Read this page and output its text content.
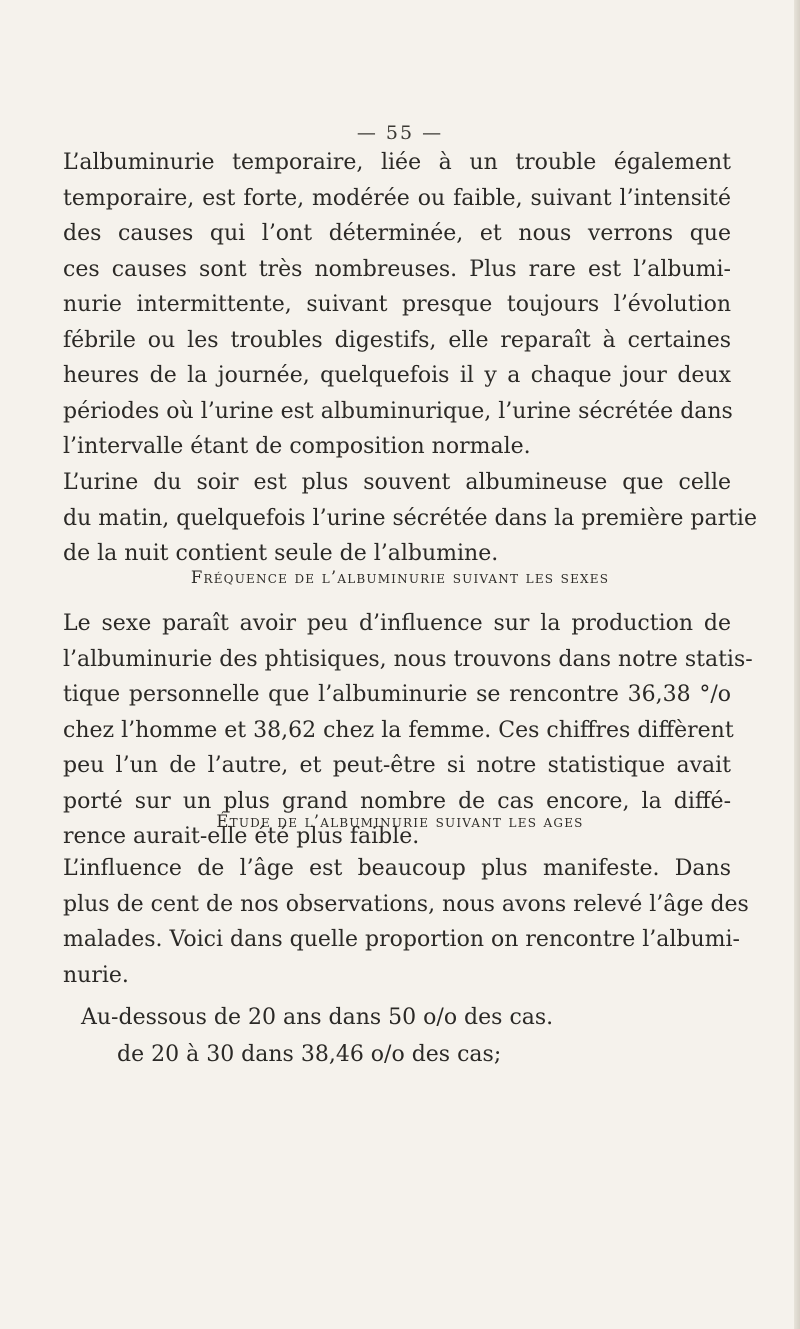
— 55 —
L’albuminurie temporaire, liée à un trouble également
temporaire, est forte, modérée ou faible, suivant l’intensité
des causes qui l’ont déterminée, et nous verrons que
ces causes sont très nombreuses. Plus rare est l’albumi-
nurie intermittente, suivant presque toujours l’évolution
fébrile ou les troubles digestifs, elle reparaît à certaines
heures de la journée, quelquefois il y a chaque jour deux
périodes où l’urine est albuminurique, l’urine sécrétée dans
l’intervalle étant de composition normale.
L’urine du soir est plus souvent albumineuse que celle
du matin, quelquefois l’urine sécrétée dans la première partie
de la nuit contient seule de l’albumine.
Fréquence de l’albuminurie suivant les sexes
Le sexe paraît avoir peu d’influence sur la production de
l’albuminurie des phtisiques, nous trouvons dans notre statis-
tique personnelle que l’albuminurie se rencontre 36,38 °/o
chez l’homme et 38,62 chez la femme. Ces chiffres diffèrent
peu l’un de l’autre, et peut-être si notre statistique avait
porté sur un plus grand nombre de cas encore, la diffé-
rence aurait-elle été plus faible.
Étude de l’albuminurie suivant les ages
L’influence de l’âge est beaucoup plus manifeste. Dans
plus de cent de nos observations, nous avons relevé l’âge des
malades. Voici dans quelle proportion on rencontre l’albumi-
nurie.
Au-dessous de 20 ans dans 50 o/o des cas.
de 20 à 30 dans 38,46 o/o des cas;
